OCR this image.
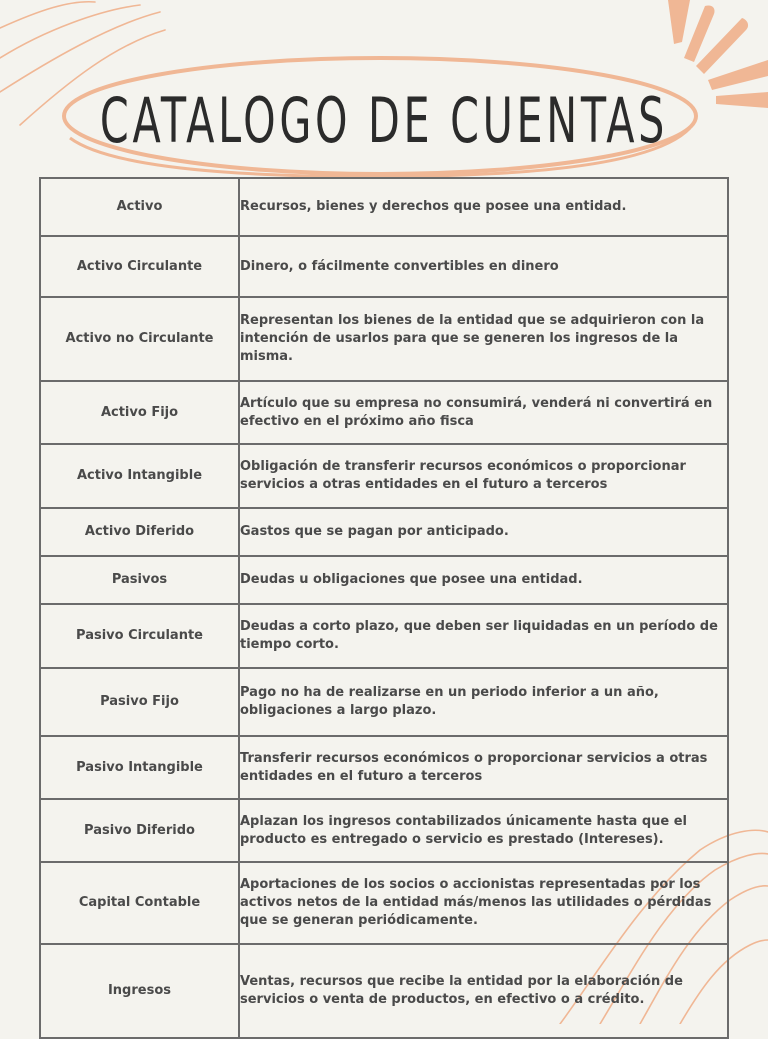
CATALOGO DE CUENTAS
Activo	Recursos, bienes y derechos que posee una entidad.
Activo Circulante	Dinero, o fácilmente convertibles en dinero
Activo no Circulante	Representan los bienes de la entidad que se adquirieron con la intención de usarlos para que se generen los ingresos de la misma.
Activo Fijo	Artículo que su empresa no consumirá, venderá ni convertirá en efectivo en el próximo año fisca
Activo Intangible	Obligación de transferir recursos económicos o proporcionar servicios a otras entidades en el futuro a terceros
Activo Diferido	Gastos que se pagan por anticipado.
Pasivos	Deudas u obligaciones que posee una entidad.
Pasivo Circulante	Deudas a corto plazo, que deben ser liquidadas en un período de tiempo corto.
Pasivo Fijo	Pago no ha de realizarse en un periodo inferior a un año, obligaciones a largo plazo.
Pasivo Intangible	Transferir recursos económicos o proporcionar servicios a otras entidades en el futuro a terceros
Pasivo Diferido	Aplazan los ingresos contabilizados únicamente hasta que el producto es entregado o servicio es prestado (Intereses).
Capital Contable	Aportaciones de los socios o accionistas representadas por los activos netos de la entidad más/menos las utilidades o pérdidas que se generan periódicamente.
Ingresos	Ventas, recursos que recibe la entidad por la elaboración de servicios o venta de productos, en efectivo o a crédito.
